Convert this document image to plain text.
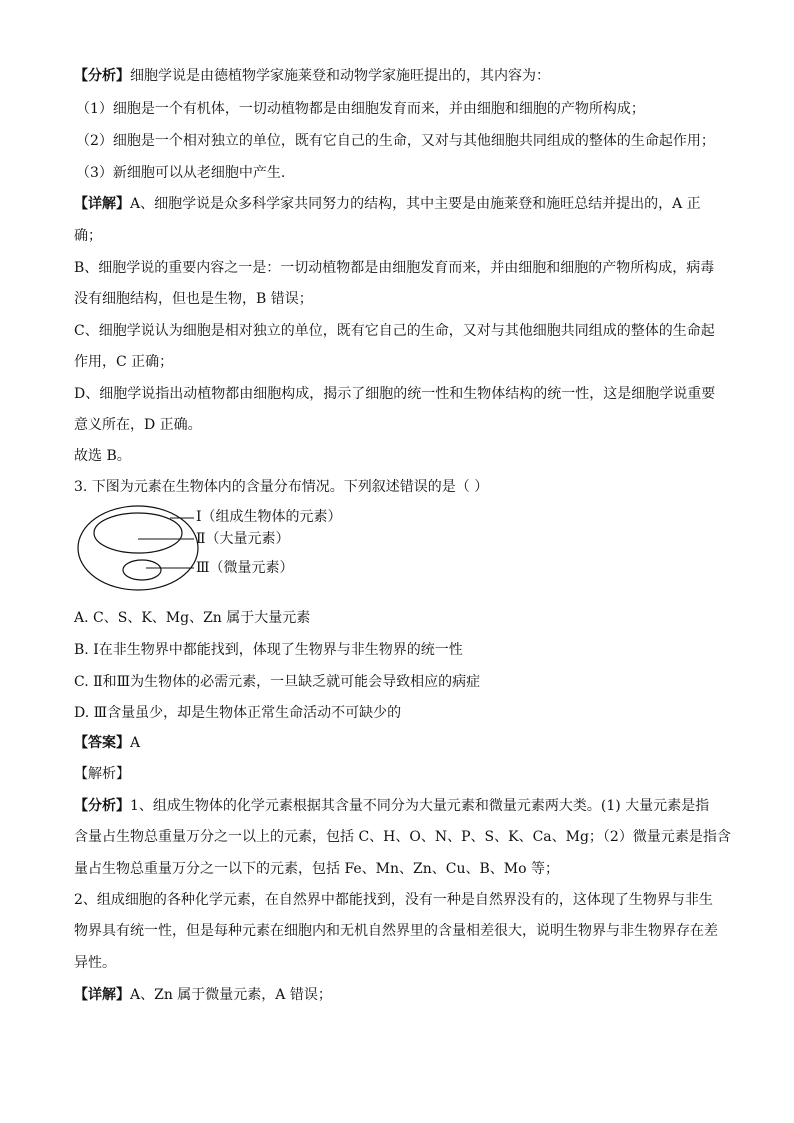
【分析】细胞学说是由德植物学家施莱登和动物学家施旺提出的，其内容为：
（1）细胞是一个有机体，一切动植物都是由细胞发育而来，并由细胞和细胞的产物所构成；
（2）细胞是一个相对独立的单位，既有它自己的生命，又对与其他细胞共同组成的整体的生命起作用；
（3）新细胞可以从老细胞中产生.
【详解】A、细胞学说是众多科学家共同努力的结构，其中主要是由施莱登和施旺总结并提出的，A 正
确；
B、细胞学说的重要内容之一是：一切动植物都是由细胞发育而来，并由细胞和细胞的产物所构成，病毒
没有细胞结构，但也是生物，B 错误；
C、细胞学说认为细胞是相对独立的单位，既有它自己的生命，又对与其他细胞共同组成的整体的生命起
作用，C 正确；
D、细胞学说指出动植物都由细胞构成，揭示了细胞的统一性和生物体结构的统一性，这是细胞学说重要
意义所在，D 正确。
故选 B。
3. 下图为元素在生物体内的含量分布情况。下列叙述错误的是（ ）
Ⅰ（组成生物体的元素）
Ⅱ（大量元素）
Ⅲ（微量元素）
A. C、S、K、Mg、Zn 属于大量元素
B. Ⅰ在非生物界中都能找到，体现了生物界与非生物界的统一性
C. Ⅱ和Ⅲ为生物体的必需元素，一旦缺乏就可能会导致相应的病症
D. Ⅲ含量虽少，却是生物体正常生命活动不可缺少的
【答案】A
【解析】
【分析】1、组成生物体的化学元素根据其含量不同分为大量元素和微量元素两大类。(1) 大量元素是指
含量占生物总重量万分之一以上的元素，包括 C、H、O、N、P、S、K、Ca、Mg；（2）微量元素是指含
量占生物总重量万分之一以下的元素，包括 Fe、Mn、Zn、Cu、B、Mo 等；
2、组成细胞的各种化学元素，在自然界中都能找到，没有一种是自然界没有的，这体现了生物界与非生
物界具有统一性，但是每种元素在细胞内和无机自然界里的含量相差很大，说明生物界与非生物界存在差
异性。
【详解】A、Zn 属于微量元素，A 错误；
